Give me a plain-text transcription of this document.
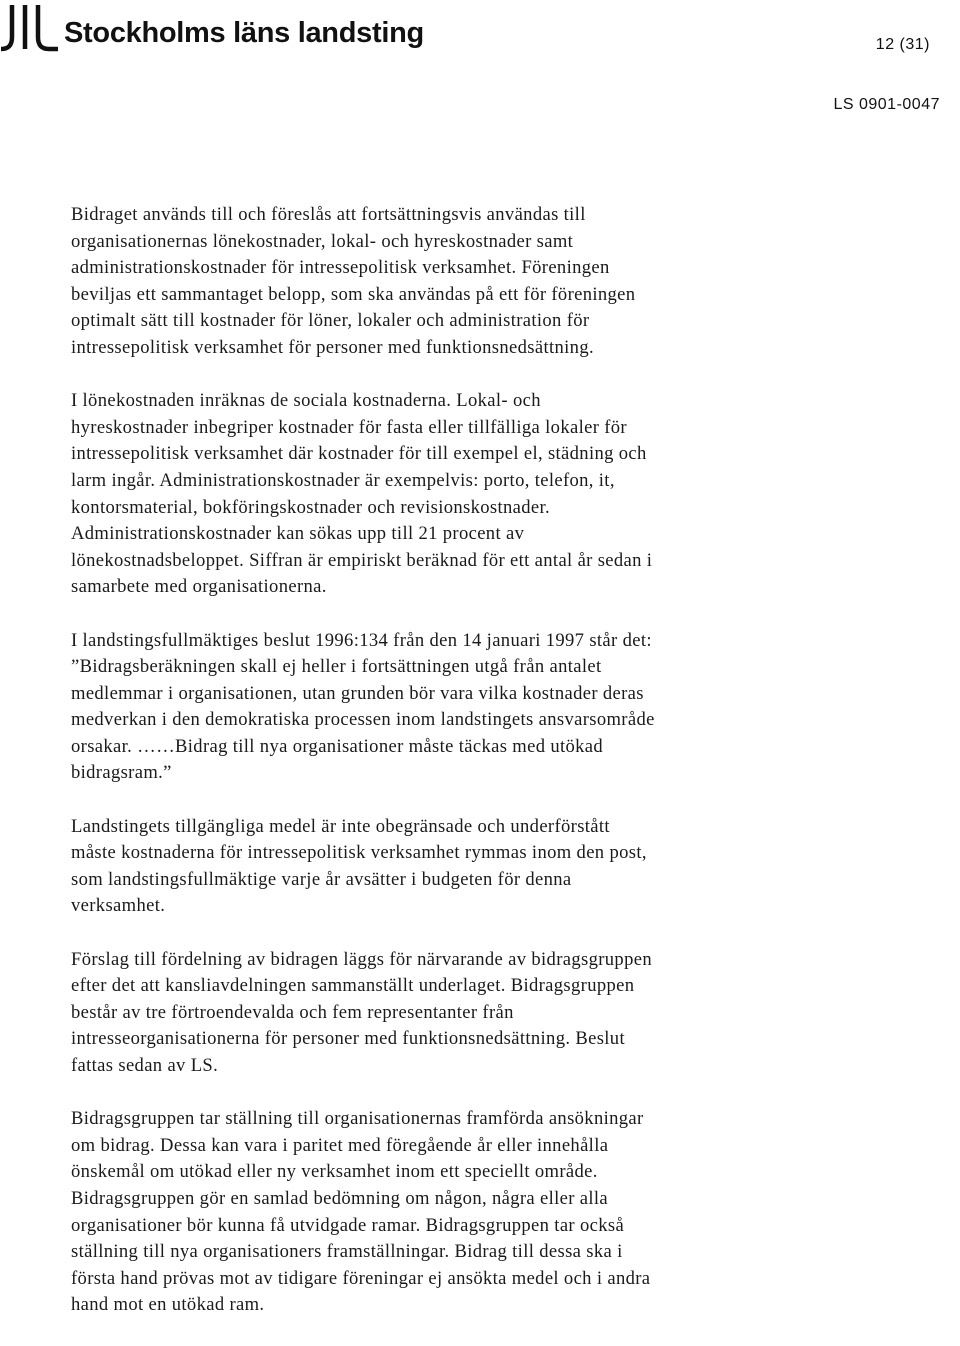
Stockholms läns landsting	12 (31)
LS 0901-0047

Bidraget används till och föreslås att fortsättningsvis användas till
organisationernas lönekostnader, lokal- och hyreskostnader samt
administrationskostnader för intressepolitisk verksamhet. Föreningen
beviljas ett sammantaget belopp, som ska användas på ett för föreningen
optimalt sätt till kostnader för löner, lokaler och administration för
intressepolitisk verksamhet för personer med funktionsnedsättning.

I lönekostnaden inräknas de sociala kostnaderna. Lokal- och
hyreskostnader inbegriper kostnader för fasta eller tillfälliga lokaler för
intressepolitisk verksamhet där kostnader för till exempel el, städning och
larm ingår. Administrationskostnader är exempelvis: porto, telefon, it,
kontorsmaterial, bokföringskostnader och revisionskostnader.
Administrationskostnader kan sökas upp till 21 procent av
lönekostnadsbeloppet. Siffran är empiriskt beräknad för ett antal år sedan i
samarbete med organisationerna.

I landstingsfullmäktiges beslut 1996:134 från den 14 januari 1997 står det:
”Bidragsberäkningen skall ej heller i fortsättningen utgå från antalet
medlemmar i organisationen, utan grunden bör vara vilka kostnader deras
medverkan i den demokratiska processen inom landstingets ansvarsområde
orsakar. ……Bidrag till nya organisationer måste täckas med utökad
bidragsram.”

Landstingets tillgängliga medel är inte obegränsade och underförstått
måste kostnaderna för intressepolitisk verksamhet rymmas inom den post,
som landstingsfullmäktige varje år avsätter i budgeten för denna
verksamhet.

Förslag till fördelning av bidragen läggs för närvarande av bidragsgruppen
efter det att kansliavdelningen sammanställt underlaget. Bidragsgruppen
består av tre förtroendevalda och fem representanter från
intresseorganisationerna för personer med funktionsnedsättning. Beslut
fattas sedan av LS.

Bidragsgruppen tar ställning till organisationernas framförda ansökningar
om bidrag. Dessa kan vara i paritet med föregående år eller innehålla
önskemål om utökad eller ny verksamhet inom ett speciellt område.
Bidragsgruppen gör en samlad bedömning om någon, några eller alla
organisationer bör kunna få utvidgade ramar. Bidragsgruppen tar också
ställning till nya organisationers framställningar. Bidrag till dessa ska i
första hand prövas mot av tidigare föreningar ej ansökta medel och i andra
hand mot en utökad ram.
